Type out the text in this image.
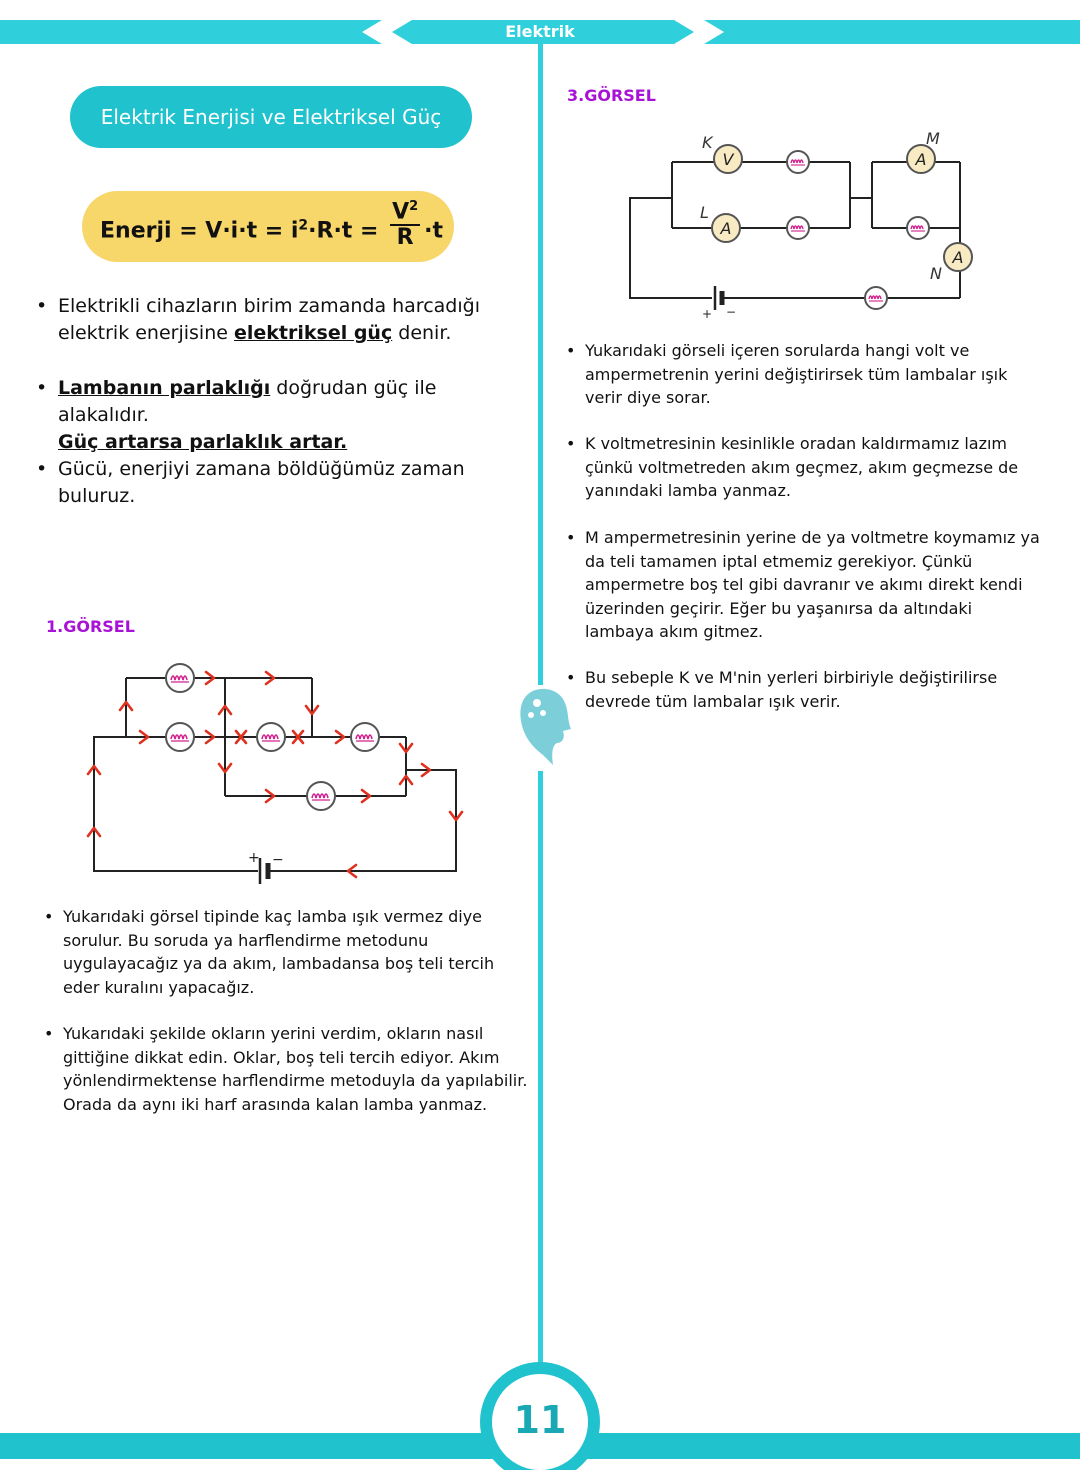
Elektrik
Elektrik Enerjisi ve Elektriksel Güç
Enerji = $V\cdot i\cdot t = i^2\cdot R\cdot t = \frac{V^2}{R} \cdot t$
• Elektrikli cihazların birim zamanda harcadığı
elektrik enerjisine elektriksel güç denir.
• Lambanın parlaklığı doğrudan güç ile alakalıdır.
Güç artarsa parlaklık artar.
• Gücü, enerjiyi zamana böldüğümüz zaman buluruz.
1.GÖRSEL
+ −
• Yukarıdaki görsel tipinde kaç lamba ışık vermez diye
sorulur. Bu soruda ya harflendirme metodunu
uygulayacağız ya da akım, lambadansa boş teli tercih
eder kuralını yapacağız.
• Yukarıdaki şekilde okların yerini verdim, okların nasıl
gittiğine dikkat edin. Oklar, boş teli tercih ediyor. Akım
yönlendirmektense harflendirme metoduyla da yapılabilir.
Orada da aynı iki harf arasında kalan lamba yanmaz.
3.GÖRSEL
+ −
V
A
A
A
K
L
M
N
• Yukarıdaki görseli içeren sorularda hangi volt ve
ampermetrenin yerini değiştirirsek tüm lambalar ışık
verir diye sorar.
• K voltmetresinin kesinlikle oradan kaldırmamız lazım
çünkü voltmetreden akım geçmez, akım geçmezse de
yanındaki lamba yanmaz.
• M ampermetresinin yerine de ya voltmetre koymamız ya
da teli tamamen iptal etmemiz gerekiyor. Çünkü
ampermetre boş tel gibi davranır ve akımı direkt kendi
üzerinden geçirir. Eğer bu yaşanırsa da altındaki
lambaya akım gitmez.
• Bu sebeple K ve M'nin yerleri birbiriyle değiştirilirse
devrede tüm lambalar ışık verir.
11
